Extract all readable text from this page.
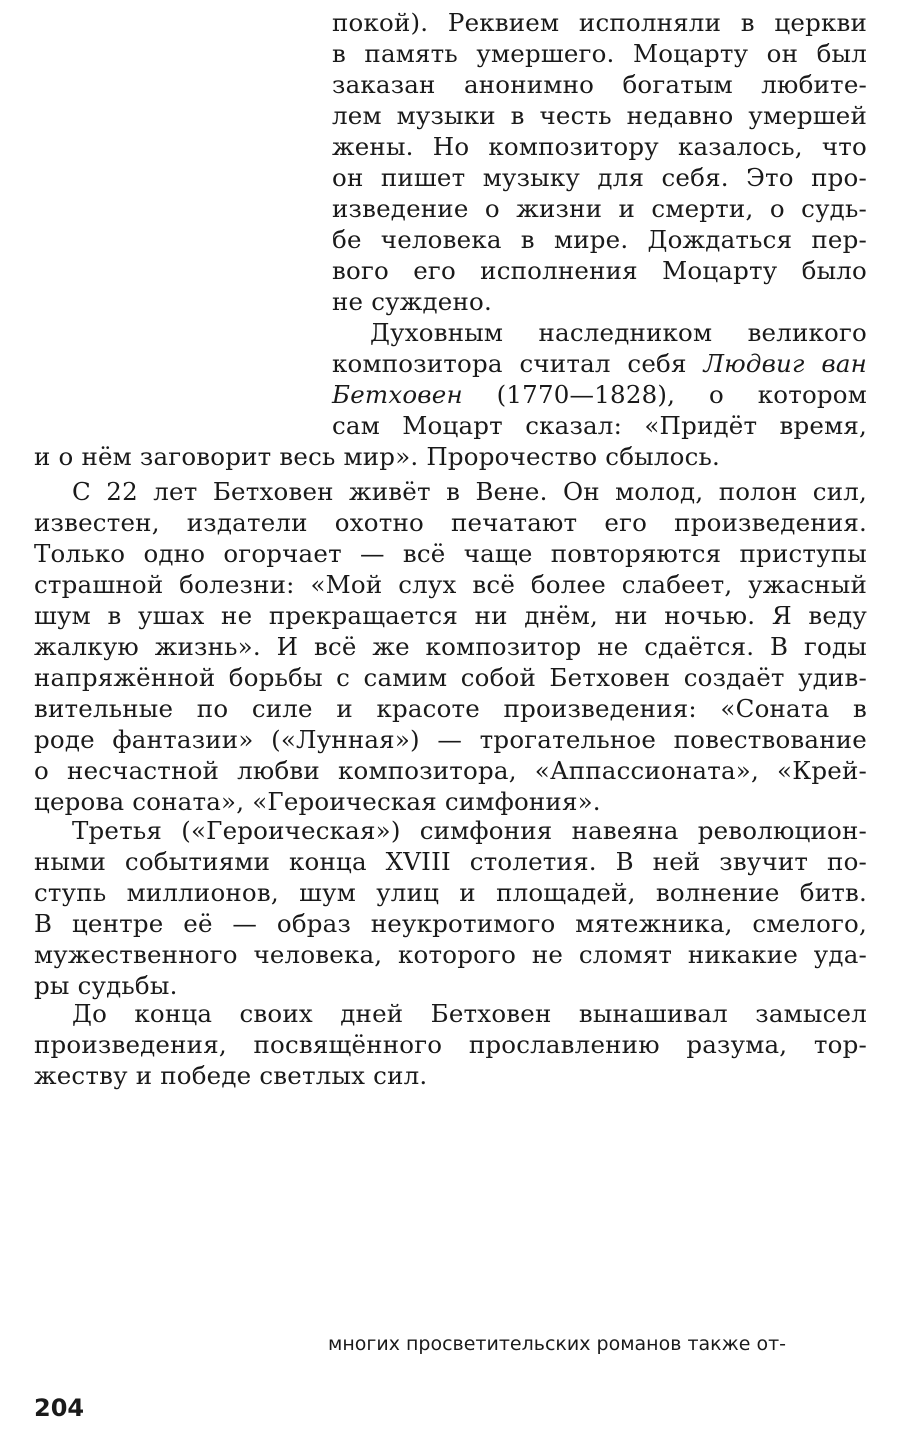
покой). Реквием исполняли в церкви
в память умершего. Моцарту он был
заказан анонимно богатым любите-
лем музыки в честь недавно умершей
жены. Но композитору казалось, что
он пишет музыку для себя. Это про-
изведение о жизни и смерти, о судь-
бе человека в мире. Дождаться пер-
вого его исполнения Моцарту было
не суждено.
Духовным наследником великого
композитора считал себя Людвиг ван
Бетховен (1770—1828), о котором
сам Моцарт сказал: «Придёт время,
и о нём заговорит весь мир». Пророчество сбылось.
С 22 лет Бетховен живёт в Вене. Он молод, полон сил,
известен, издатели охотно печатают его произведения.
Только одно огорчает — всё чаще повторяются приступы
страшной болезни: «Мой слух всё более слабеет, ужасный
шум в ушах не прекращается ни днём, ни ночью. Я веду
жалкую жизнь». И всё же композитор не сдаётся. В годы
напряжённой борьбы с самим собой Бетховен создаёт удив-
вительные по силе и красоте произведения: «Соната в
роде фантазии» («Лунная») — трогательное повествование
о несчастной любви композитора, «Аппассионата», «Крей-
церова соната», «Героическая симфония».
Третья («Героическая») симфония навеяна революцион-
ными событиями конца XVIII столетия. В ней звучит по-
ступь миллионов, шум улиц и площадей, волнение битв.
В центре её — образ неукротимого мятежника, смелого,
мужественного человека, которого не сломят никакие уда-
ры судьбы.
До конца своих дней Бетховен вынашивал замысел
произведения, посвящённого прославлению разума, тор-
жеству и победе светлых сил.
многих просветительских романов также от-
204
